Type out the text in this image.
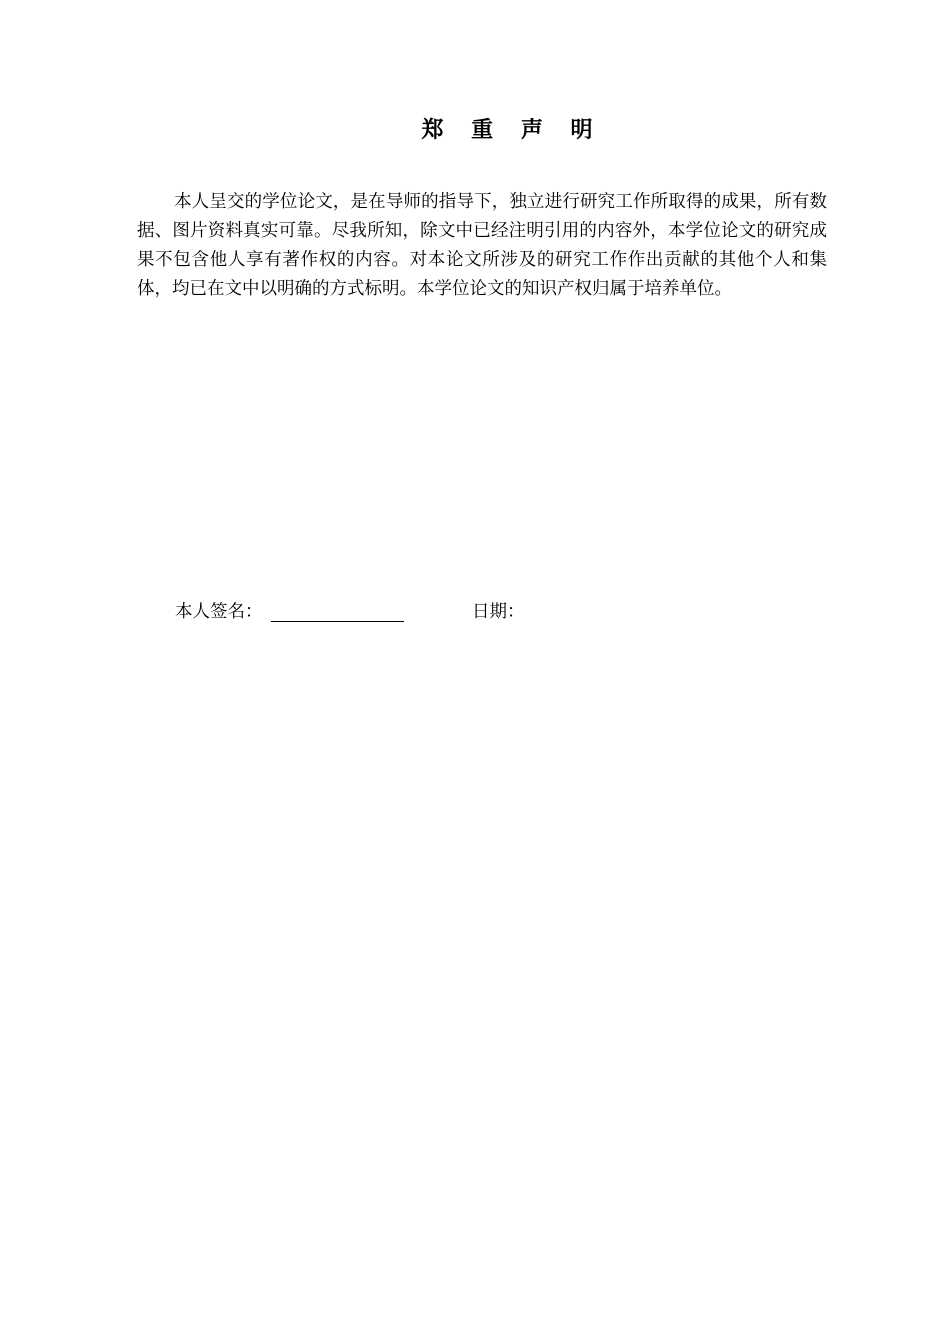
郑 重 声 明

本人呈交的学位论文，是在导师的指导下，独立进行研究工作所取得的成果，所有数据、图片资料真实可靠。尽我所知，除文中已经注明引用的内容外，本学位论文的研究成果不包含他人享有著作权的内容。对本论文所涉及的研究工作作出贡献的其他个人和集体，均已在文中以明确的方式标明。本学位论文的知识产权归属于培养单位。

本人签名：	日期：
